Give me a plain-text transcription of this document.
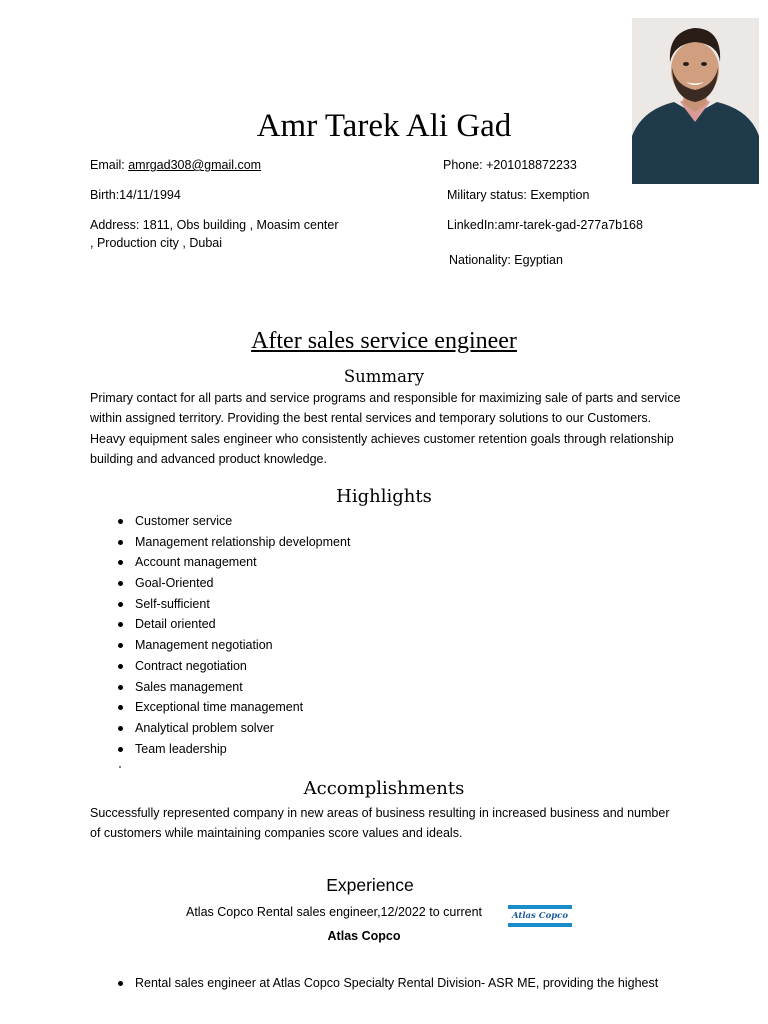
Amr Tarek Ali Gad
Email: amrgad308@gmail.com	Phone: +201018872233
Birth:14/11/1994	Military status: Exemption
Address: 1811, Obs building , Moasim center
, Production city , Dubai
LinkedIn:amr-tarek-gad-277a7b168
Nationality: Egyptian
After sales service engineer
Summary
Primary contact for all parts and service programs and responsible for maximizing sale of parts and service within assigned territory. Providing the best rental services and temporary solutions to our Customers. Heavy equipment sales engineer who consistently achieves customer retention goals through relationship building and advanced product knowledge.
Highlights
Customer service
Management relationship development
Account management
Goal-Oriented
Self-sufficient
Detail oriented
Management negotiation
Contract negotiation
Sales management
Exceptional time management
Analytical problem solver
Team leadership
Accomplishments
Successfully represented company in new areas of business resulting in increased business and number of customers while maintaining companies score values and ideals.
Experience
Atlas Copco Rental sales engineer,12/2022 to current
Atlas Copco
Atlas Copco
Rental sales engineer at Atlas Copco Specialty Rental Division- ASR ME, providing the highest
